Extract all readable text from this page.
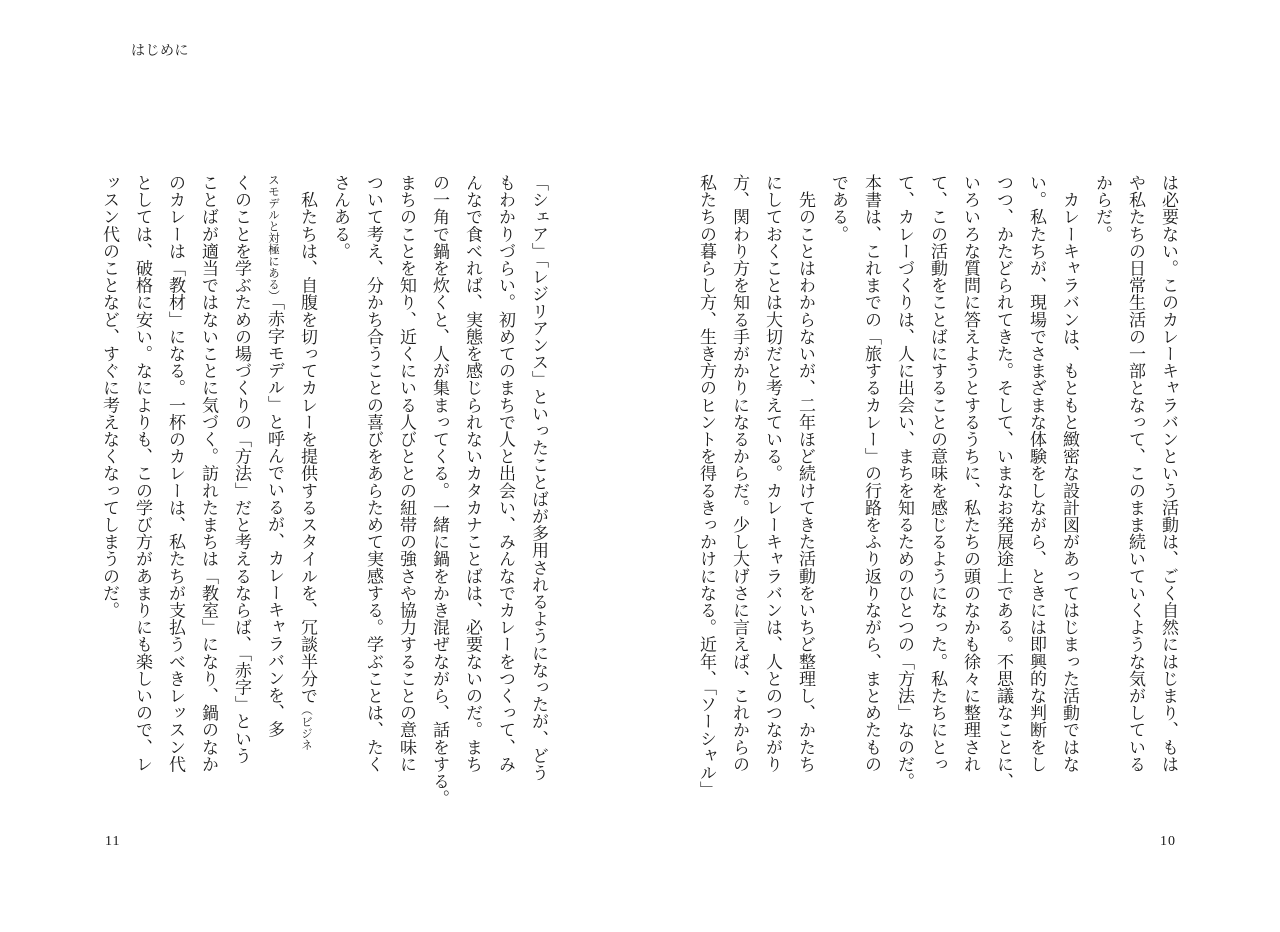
はじめに
は必要ない。このカレーキャラバンという活動は、ごく自然にはじまり、もは
や私たちの日常生活の一部となって、このまま続いていくような気がしている
からだ。
　カレーキャラバンは、もともと緻密な設計図があってはじまった活動ではな
い。私たちが、現場でさまざまな体験をしながら、ときには即興的な判断をし
つつ、かたどられてきた。そして、いまなお発展途上である。不思議なことに、
いろいろな質問に答えようとするうちに、私たちの頭のなかも徐々に整理され
て、この活動をことばにすることの意味を感じるようになった。私たちにとっ
て、カレーづくりは、人に出会い、まちを知るためのひとつの「方法」なのだ。
本書は、これまでの「旅するカレー」の行路をふり返りながら、まとめたもの
である。
　先のことはわからないが、二年ほど続けてきた活動をいちど整理し、かたち
にしておくことは大切だと考えている。カレーキャラバンは、人とのつながり
方、関わり方を知る手がかりになるからだ。少し大げさに言えば、これからの
私たちの暮らし方、生き方のヒントを得るきっかけになる。近年、「ソーシャル」
「シェア」「レジリアンス」といったことばが多用されるようになったが、どう
もわかりづらい。初めてのまちで人と出会い、みんなでカレーをつくって、み
んなで食べれば、実態を感じられないカタカナことばは、必要ないのだ。まち
の一角で鍋を炊くと、人が集まってくる。一緒に鍋をかき混ぜながら、話をする。
まちのことを知り、近くにいる人びととの紐帯の強さや協力することの意味に
ついて考え、分かち合うことの喜びをあらためて実感する。学ぶことは、たく
さんある。
　私たちは、自腹を切ってカレーを提供するスタイルを、冗談半分で（ビジネ
スモデルと対極にある）「赤字モデル」と呼んでいるが、カレーキャラバンを、多
くのことを学ぶための場づくりの「方法」だと考えるならば、「赤字」という
ことばが適当ではないことに気づく。訪れたまちは「教室」になり、鍋のなか
のカレーは「教材」になる。一杯のカレーは、私たちが支払うべきレッスン代
としては、破格に安い。なによりも、この学び方があまりにも楽しいので、レ
ッスン代のことなど、すぐに考えなくなってしまうのだ。
11	10
